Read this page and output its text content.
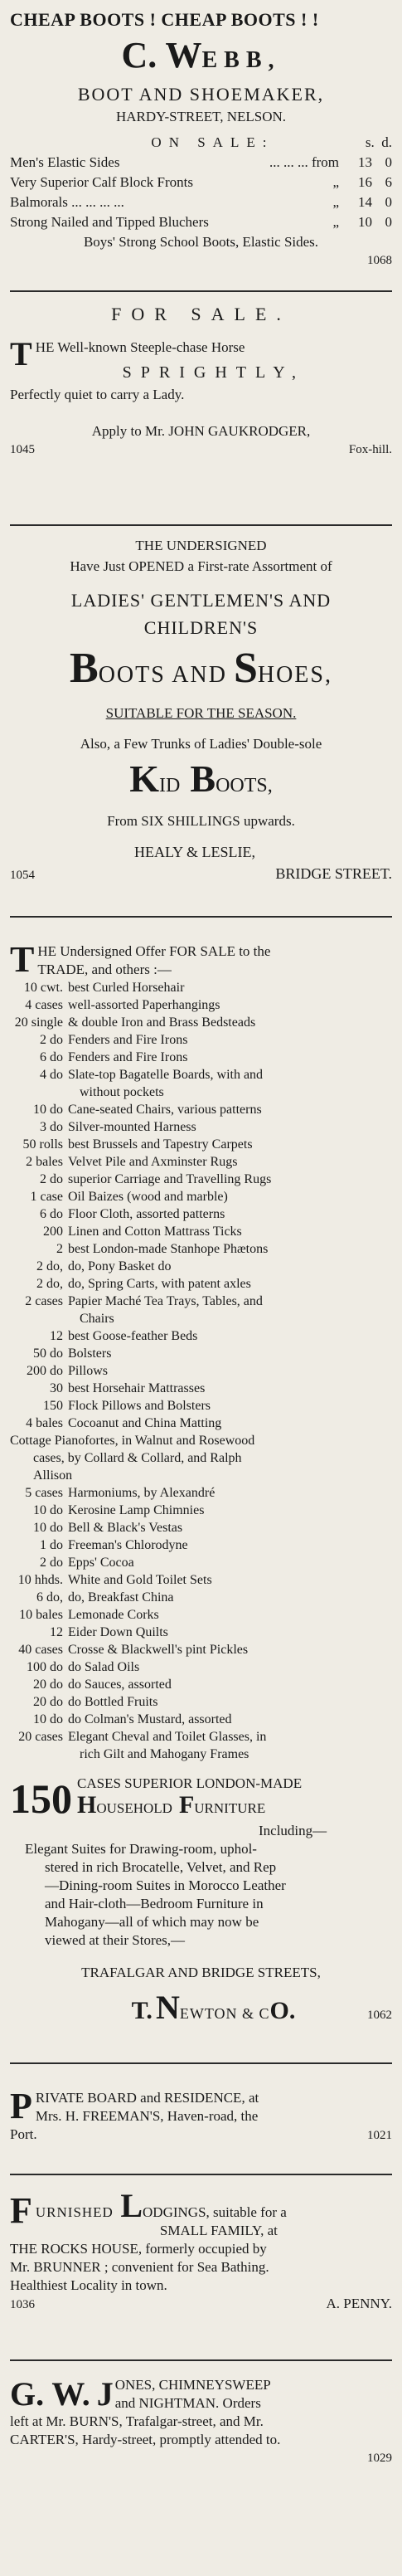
CHEAP BOOTS ! CHEAP BOOTS ! !
C. WEBB,
BOOT AND SHOEMAKER,
HARDY-STREET, NELSON.
ON SALE:	s. d.
Men's Elastic Sides	... ... ... from	13 0
Very Superior Calf Block Fronts	„	16 6
Balmorals ... ... ... ...	„	14 0
Strong Nailed and Tipped Bluchers	„	10 0
Boys' Strong School Boots, Elastic Sides.
1068
FOR SALE.
T HE Well-known Steeple-chase Horse
SPRIGHTLY,
Perfectly quiet to carry a Lady.
Apply to Mr. JOHN GAUKRODGER,
1045	Fox-hill.
THE UNDERSIGNED
Have Just OPENED a First-rate Assortment of
LADIES' GENTLEMEN'S AND
CHILDREN'S
BOOTS AND SHOES,
SUITABLE FOR THE SEASON.
Also, a Few Trunks of Ladies' Double-sole
KID BOOTS,
From SIX SHILLINGS upwards.
HEALY & LESLIE,
1054	BRIDGE STREET.
T HE Undersigned Offer FOR SALE to the
TRADE, and others :—
10 cwt. best Curled Horsehair
4 cases well-assorted Paperhangings
20 single & double Iron and Brass Bedsteads
2 do Fenders and Fire Irons
6 do Fenders and Fire Irons
4 do Slate-top Bagatelle Boards, with and
without pockets
10 do Cane-seated Chairs, various patterns
3 do Silver-mounted Harness
50 rolls best Brussels and Tapestry Carpets
2 bales Velvet Pile and Axminster Rugs
2 do superior Carriage and Travelling Rugs
1 case Oil Baizes (wood and marble)
6 do Floor Cloth, assorted patterns
200 Linen and Cotton Mattrass Ticks
2 best London-made Stanhope Phætons
2 do, do, Pony Basket do
2 do, do, Spring Carts, with patent axles
2 cases Papier Maché Tea Trays, Tables, and
Chairs
12 best Goose-feather Beds
50 do Bolsters
200 do Pillows
30 best Horsehair Mattrasses
150 Flock Pillows and Bolsters
4 bales Cocoanut and China Matting
Cottage Pianofortes, in Walnut and Rosewood
cases, by Collard & Collard, and Ralph
Allison
5 cases Harmoniums, by Alexandré
10 do Kerosine Lamp Chimnies
10 do Bell & Black's Vestas
1 do Freeman's Chlorodyne
2 do Epps' Cocoa
10 hhds. White and Gold Toilet Sets
6 do, do, Breakfast China
10 bales Lemonade Corks
12 Eider Down Quilts
40 cases Crosse & Blackwell's pint Pickles
100 do do Salad Oils
20 do do Sauces, assorted
20 do do Bottled Fruits
10 do do Colman's Mustard, assorted
20 cases Elegant Cheval and Toilet Glasses, in
rich Gilt and Mahogany Frames
150 CASES SUPERIOR LONDON-MADE
HOUSEHOLD FURNITURE
Including—
Elegant Suites for Drawing-room, uphol-
stered in rich Brocatelle, Velvet, and Rep
—Dining-room Suites in Morocco Leather
and Hair-cloth—Bedroom Furniture in
Mahogany—all of which may now be
viewed at their Stores,—
TRAFALGAR AND BRIDGE STREETS,
T. NEWTON & CO.	1062
P RIVATE BOARD and RESIDENCE, at
Mrs. H. FREEMAN'S, Haven-road, the
Port.	1021
F URNISHED LODGINGS, suitable for a
SMALL FAMILY, at
THE ROCKS HOUSE, formerly occupied by
Mr. BRUNNER ; convenient for Sea Bathing.
Healthiest Locality in town.
1036	A. PENNY.
G. W. J ONES, CHIMNEYSWEEP
and NIGHTMAN. Orders
left at Mr. BURN'S, Trafalgar-street, and Mr.
CARTER'S, Hardy-street, promptly attended to.
1029
